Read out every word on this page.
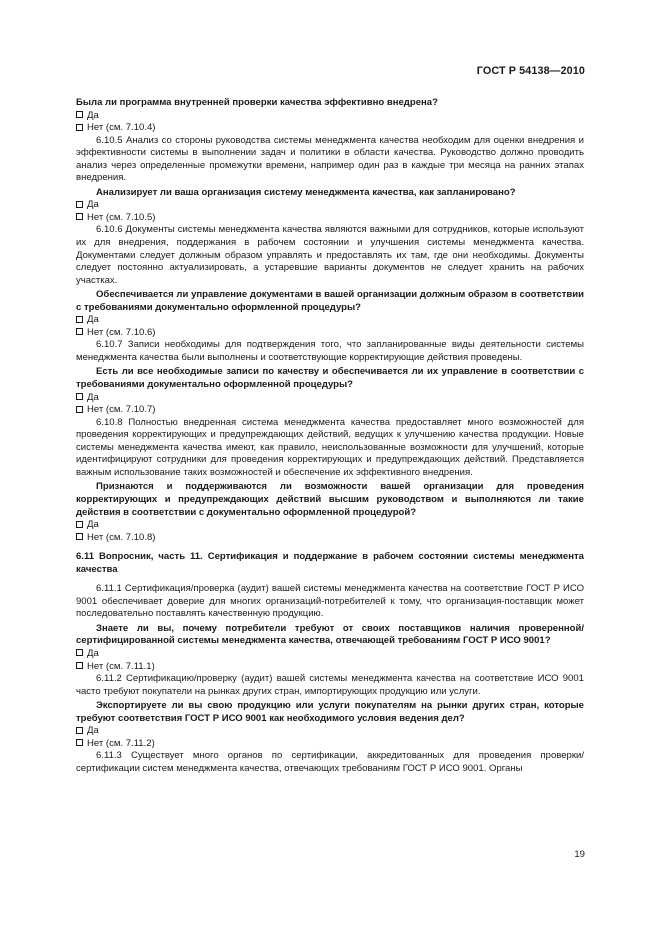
ГОСТ Р 54138—2010

Была ли программа внутренней проверки качества эффективно внедрена?

Да

Нет (см. 7.10.4)

6.10.5 Анализ со стороны руководства системы менеджмента качества необходим для оценки внедрения и эффективности системы в выполнении задач и политики в области качества. Руководство должно проводить анализ через определенные промежутки времени, например один раз в каждые три месяца на ранних этапах внедрения.

Анализирует ли ваша организация систему менеджмента качества, как запланировано?

Да

Нет (см. 7.10.5)

6.10.6 Документы системы менеджмента качества являются важными для сотрудников, которые используют их для внедрения, поддержания в рабочем состоянии и улучшения системы менеджмента качества. Документами следует должным образом управлять и предоставлять их там, где они необходимы. Документы следует постоянно актуализировать, а устаревшие варианты документов не следует хранить на рабочих участках.

Обеспечивается ли управление документами в вашей организации должным образом в соответствии с требованиями документально оформленной процедуры?

Да

Нет (см. 7.10.6)

6.10.7 Записи необходимы для подтверждения того, что запланированные виды деятельности системы менеджмента качества были выполнены и соответствующие корректирующие действия проведены.

Есть ли все необходимые записи по качеству и обеспечивается ли их управление в соответствии с требованиями документально оформленной процедуры?

Да

Нет (см. 7.10.7)

6.10.8 Полностью внедренная система менеджмента качества предоставляет много возможностей для проведения корректирующих и предупреждающих действий, ведущих к улучшению качества продукции. Новые системы менеджмента качества имеют, как правило, неиспользованные возможности для улучшений, которые идентифицируют сотрудники для проведения корректирующих и предупреждающих действий. Представляется важным использование таких возможностей и обеспечение их эффективного внедрения.

Признаются и поддерживаются ли возможности вашей организации для проведения корректирующих и предупреждающих действий высшим руководством и выполняются ли такие действия в соответствии с документально оформленной процедурой?

Да

Нет (см. 7.10.8)

6.11 Вопросник, часть 11. Сертификация и поддержание в рабочем состоянии системы менеджмента качества

6.11.1 Сертификация/проверка (аудит) вашей системы менеджмента качества на соответствие ГОСТ Р ИСО 9001 обеспечивает доверие для многих организаций-потребителей к тому, что организация-поставщик может последовательно поставлять качественную продукцию.

Знаете ли вы, почему потребители требуют от своих поставщиков наличия проверенной/сертифицированной системы менеджмента качества, отвечающей требованиям ГОСТ Р ИСО 9001?

Да

Нет (см. 7.11.1)

6.11.2 Сертификацию/проверку (аудит) вашей системы менеджмента качества на соответствие ИСО 9001 часто требуют покупатели на рынках других стран, импортирующих продукцию или услуги.

Экспортируете ли вы свою продукцию или услуги покупателям на рынки других стран, которые требуют соответствия ГОСТ Р ИСО 9001 как необходимого условия ведения дел?

Да

Нет (см. 7.11.2)

6.11.3 Существует много органов по сертификации, аккредитованных для проведения проверки/сертификации систем менеджмента качества, отвечающих требованиям ГОСТ Р ИСО 9001. Органы

19
